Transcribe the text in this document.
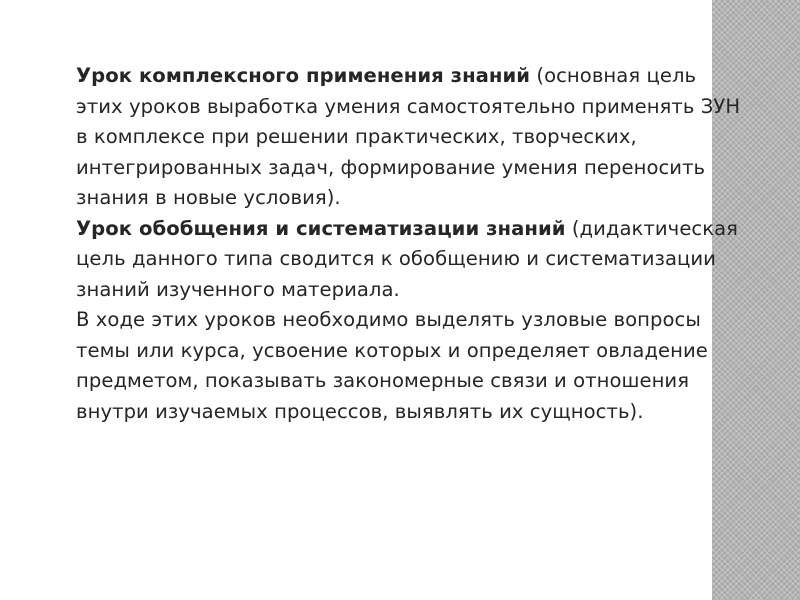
Урок комплексного применения знаний (основная цель этих уроков выработка умения самостоятельно применять ЗУН в комплексе при решении практических, творческих, интегрированных задач, формирование умения переносить знания в новые условия).

Урок обобщения и систематизации знаний (дидактическая цель данного типа сводится к обобщению и систематизации знаний изученного материала.

В ходе этих уроков необходимо выделять узловые вопросы темы или курса, усвоение которых и определяет овладение предметом, показывать закономерные связи и отношения внутри изучаемых процессов, выявлять их сущность).
